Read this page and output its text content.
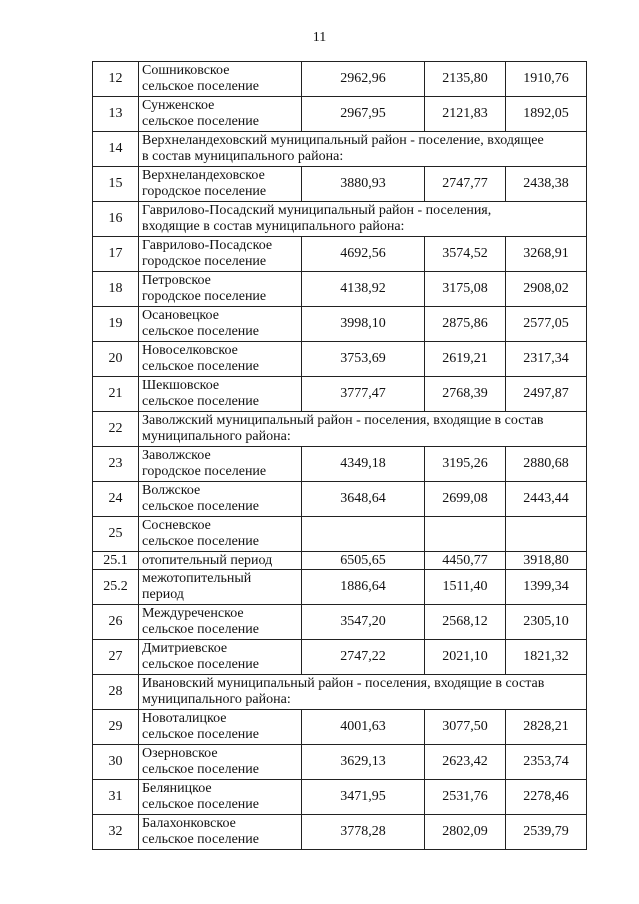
11
12	Сошниковское
сельское поселение	2962,96	2135,80	1910,76
13	Сунженское
сельское поселение	2967,95	2121,83	1892,05
14	Верхнеландеховский муниципальный район - поселение, входящее
в состав муниципального района:			

15	Верхнеландеховское
городское поселение	3880,93	2747,77	2438,38
16	Гаврилово-Посадский муниципальный район - поселения,
входящие в состав муниципального района:			

17	Гаврилово-Посадское
городское поселение	4692,56	3574,52	3268,91
18	Петровское
городское поселение	4138,92	3175,08	2908,02
19	Осановецкое
сельское поселение	3998,10	2875,86	2577,05
20	Новоселковское
сельское поселение	3753,69	2619,21	2317,34
21	Шекшовское
сельское поселение	3777,47	2768,39	2497,87
22	Заволжский муниципальный район - поселения, входящие в состав
муниципального района:			

23	Заволжское
городское поселение	4349,18	3195,26	2880,68
24	Волжское
сельское поселение	3648,64	2699,08	2443,44
25	Сосневское
сельское поселение			

25.1	отопительный период	6505,65	4450,77	3918,80
25.2	межотопительный
период	1886,64	1511,40	1399,34
26	Междуреченское
сельское поселение	3547,20	2568,12	2305,10
27	Дмитриевское
сельское поселение	2747,22	2021,10	1821,32
28	Ивановский муниципальный район - поселения, входящие в состав
муниципального района:			

29	Новоталицкое
сельское поселение	4001,63	3077,50	2828,21
30	Озерновское
сельское поселение	3629,13	2623,42	2353,74
31	Беляницкое
сельское поселение	3471,95	2531,76	2278,46
32	Балахонковское
сельское поселение	3778,28	2802,09	2539,79
